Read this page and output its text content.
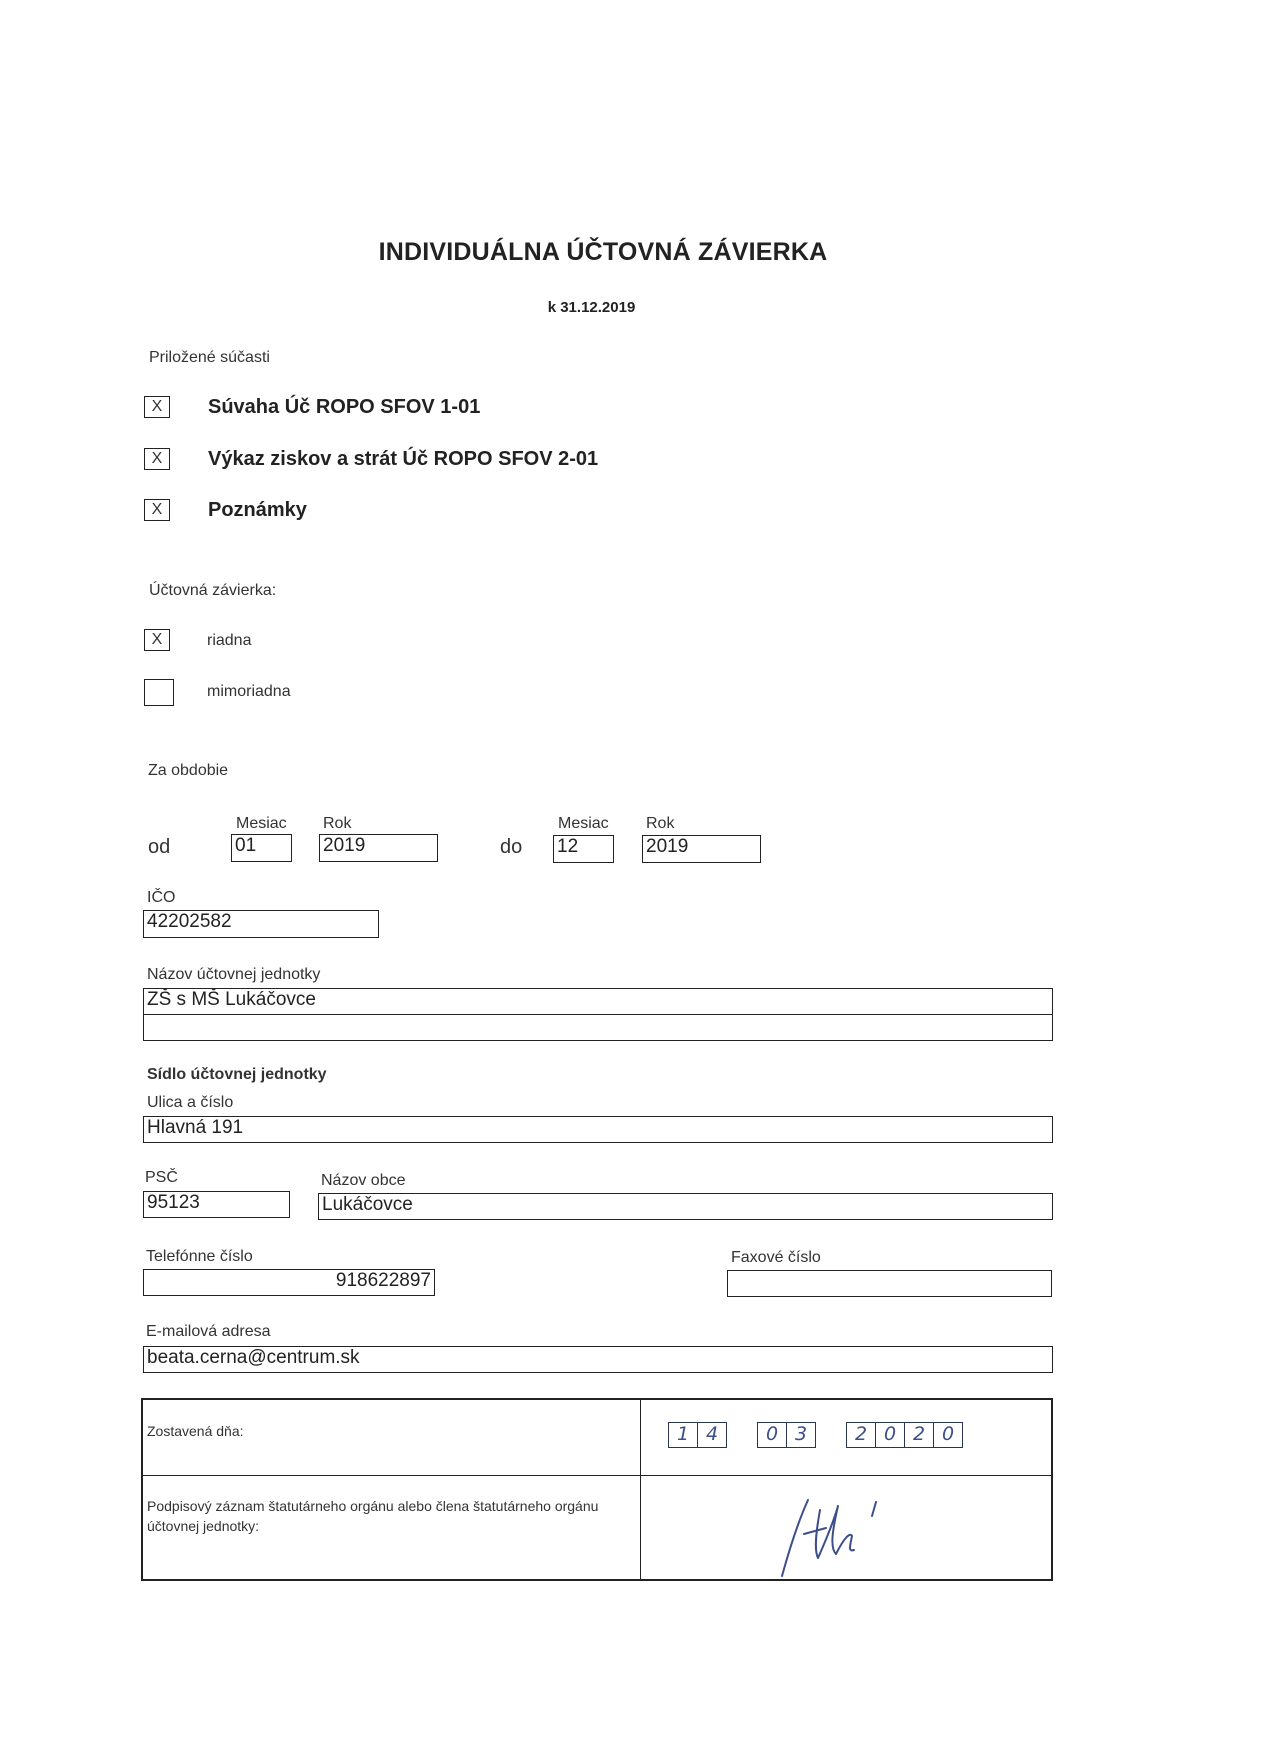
INDIVIDUÁLNA ÚČTOVNÁ ZÁVIERKA
k 31.12.2019
Priložené súčasti
X	Súvaha Úč ROPO SFOV 1-01
X	Výkaz ziskov a strát Úč ROPO SFOV 2-01
X	Poznámky
Účtovná závierka:
X	riadna
mimoriadna
Za obdobie
Mesiac Rok	Mesiac Rok
od	01	2019	do 12	2019
IČO
42202582
Názov účtovnej jednotky
ZŠ s MŠ Lukáčovce
Sídlo účtovnej jednotky
Ulica a číslo
Hlavná 191
PSČ
95123
Názov obce
Lukáčovce
Telefónne číslo
918622897
Faxové číslo
E-mailová adresa
beata.cerna@centrum.sk
Zostavená dňa:	1 4	0 3	2 0 2 0
Podpisový záznam štatutárneho orgánu alebo člena štatutárneho orgánu účtovnej jednotky:
